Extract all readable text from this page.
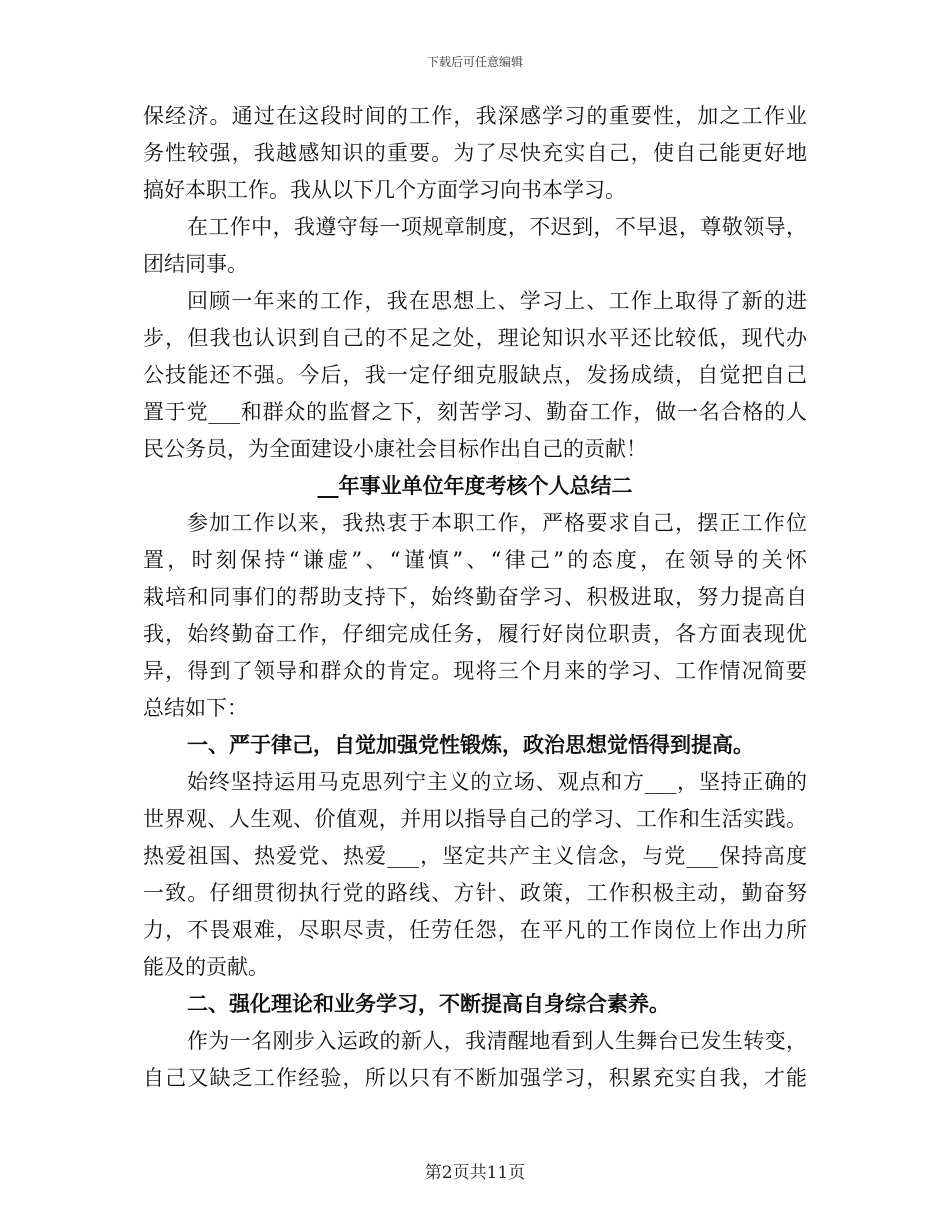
下载后可任意编辑
保经济。通过在这段时间的工作，我深感学习的重要性，加之工作业
务性较强，我越感知识的重要。为了尽快充实自己，使自己能更好地
搞好本职工作。我从以下几个方面学习向书本学习。
在工作中，我遵守每一项规章制度，不迟到，不早退，尊敬领导，
团结同事。
回顾一年来的工作，我在思想上、学习上、工作上取得了新的进
步，但我也认识到自己的不足之处，理论知识水平还比较低，现代办
公技能还不强。今后，我一定仔细克服缺点，发扬成绩，自觉把自己
置于党___和群众的监督之下，刻苦学习、勤奋工作，做一名合格的人
民公务员，为全面建设小康社会目标作出自己的贡献！
__年事业单位年度考核个人总结二
参加工作以来，我热衷于本职工作，严格要求自己，摆正工作位
置，时刻保持“谦虚”、“谨慎”、“律己”的态度，在领导的关怀
栽培和同事们的帮助支持下，始终勤奋学习、积极进取，努力提高自
我，始终勤奋工作，仔细完成任务，履行好岗位职责，各方面表现优
异，得到了领导和群众的肯定。现将三个月来的学习、工作情况简要
总结如下：
一、严于律己，自觉加强党性锻炼，政治思想觉悟得到提高。
始终坚持运用马克思列宁主义的立场、观点和方___，坚持正确的
世界观、人生观、价值观，并用以指导自己的学习、工作和生活实践。
热爱祖国、热爱党、热爱___，坚定共产主义信念，与党___保持高度
一致。仔细贯彻执行党的路线、方针、政策，工作积极主动，勤奋努
力，不畏艰难，尽职尽责，任劳任怨，在平凡的工作岗位上作出力所
能及的贡献。
二、强化理论和业务学习，不断提高自身综合素养。
作为一名刚步入运政的新人，我清醒地看到人生舞台已发生转变，
自己又缺乏工作经验，所以只有不断加强学习，积累充实自我，才能
第2页共11页
